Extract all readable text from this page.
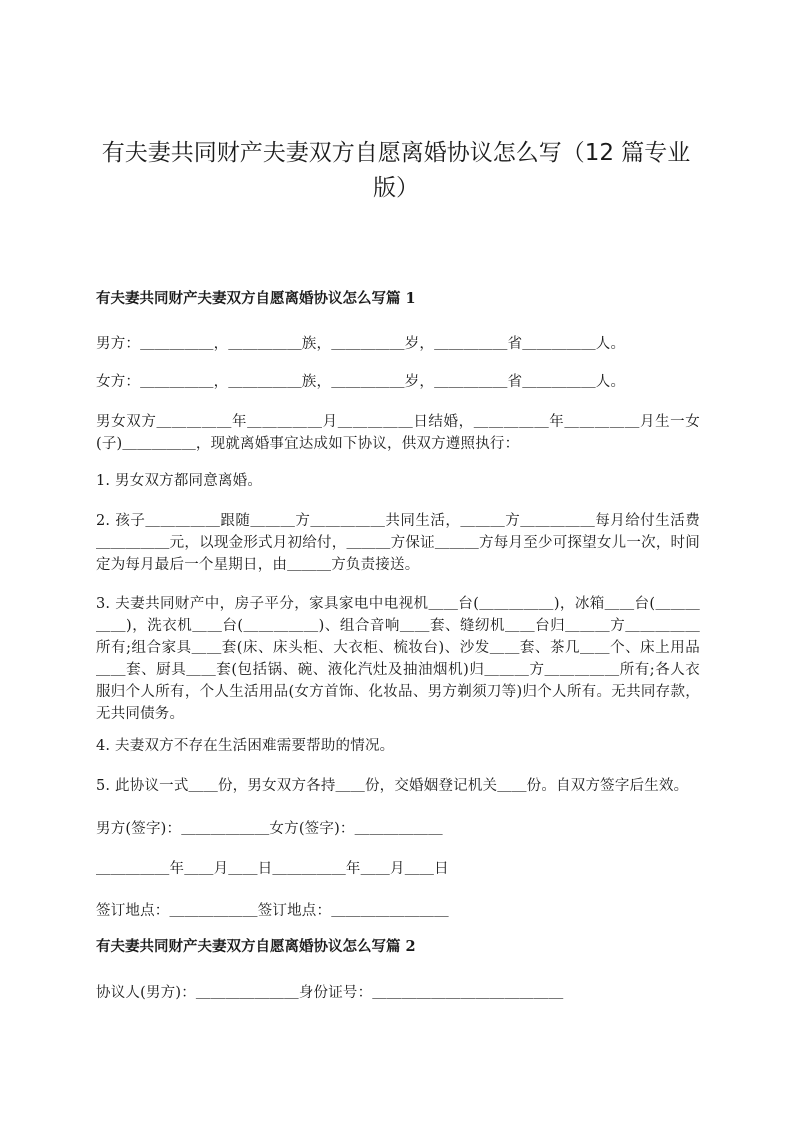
有夫妻共同财产夫妻双方自愿离婚协议怎么写（12 篇专业版）
有夫妻共同财产夫妻双方自愿离婚协议怎么写篇 1

男方：＿＿＿＿＿，＿＿＿＿＿族，＿＿＿＿＿岁，＿＿＿＿＿省＿＿＿＿＿人。

女方：＿＿＿＿＿，＿＿＿＿＿族，＿＿＿＿＿岁，＿＿＿＿＿省＿＿＿＿＿人。

男女双方＿＿＿＿＿年＿＿＿＿＿月＿＿＿＿＿日结婚，＿＿＿＿＿年＿＿＿＿＿月生一女(子)＿＿＿＿＿，现就离婚事宜达成如下协议，供双方遵照执行：

1. 男女双方都同意离婚。

2. 孩子＿＿＿＿＿跟随＿＿＿方＿＿＿＿＿共同生活，＿＿＿方＿＿＿＿＿每月给付生活费＿＿＿＿＿元，以现金形式月初给付，＿＿＿方保证＿＿＿方每月至少可探望女儿一次，时间定为每月最后一个星期日，由＿＿＿方负责接送。

3. 夫妻共同财产中，房子平分，家具家电中电视机＿＿台(＿＿＿＿＿)，冰箱＿＿台(＿＿＿＿＿)，洗衣机＿＿台(＿＿＿＿＿)、组合音响＿＿套、缝纫机＿＿台归＿＿＿方＿＿＿＿＿所有;组合家具＿＿套(床、床头柜、大衣柜、梳妆台)、沙发＿＿套、茶几＿＿个、床上用品＿＿套、厨具＿＿套(包括锅、碗、液化汽灶及抽油烟机)归＿＿＿方＿＿＿＿＿所有;各人衣服归个人所有，个人生活用品(女方首饰、化妆品、男方剃须刀等)归个人所有。无共同存款，无共同债务。

4. 夫妻双方不存在生活困难需要帮助的情况。

5. 此协议一式＿＿份，男女双方各持＿＿份，交婚姻登记机关＿＿份。自双方签字后生效。

男方(签字)：＿＿＿＿＿＿女方(签字)：＿＿＿＿＿＿

＿＿＿＿＿年＿＿月＿＿日＿＿＿＿＿年＿＿月＿＿日

签订地点：＿＿＿＿＿＿签订地点：＿＿＿＿＿＿＿＿

有夫妻共同财产夫妻双方自愿离婚协议怎么写篇 2

协议人(男方)：＿＿＿＿＿＿＿身份证号：＿＿＿＿＿＿＿＿＿＿＿＿＿
